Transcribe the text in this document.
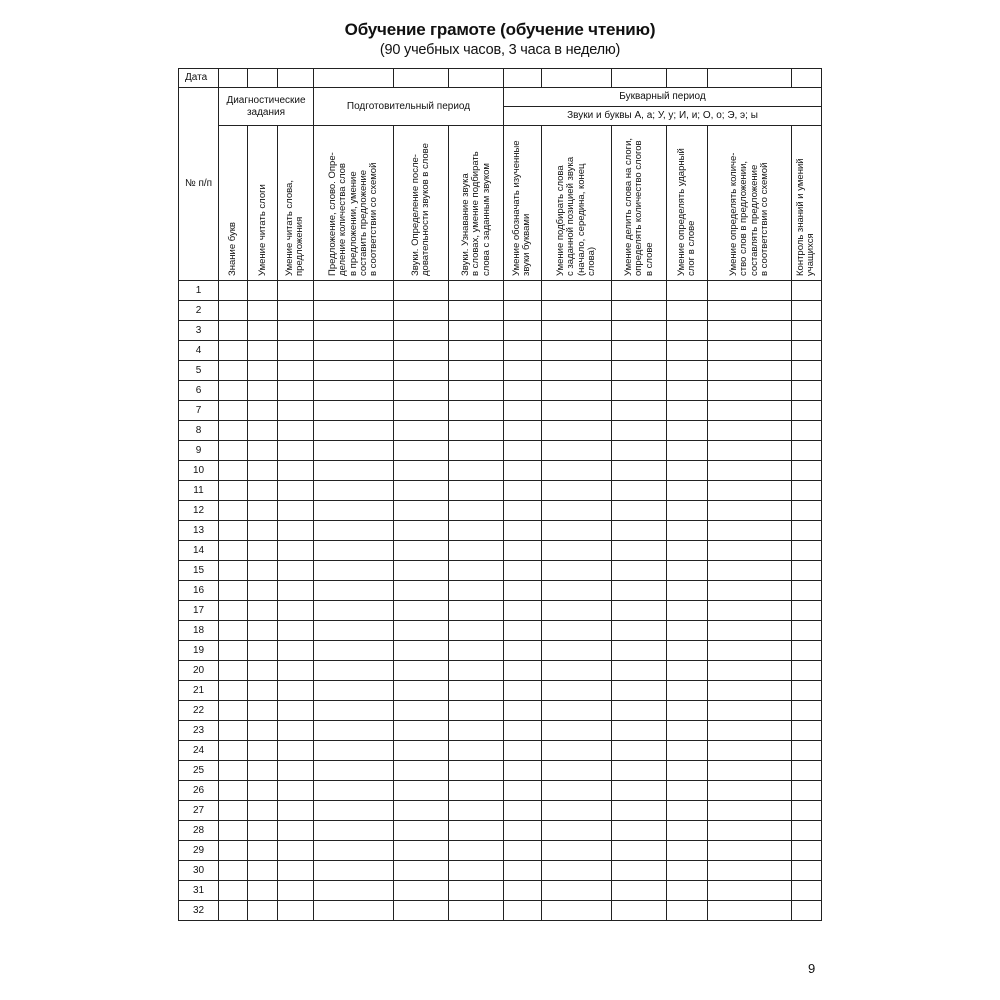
Обучение грамоте (обучение чтению)
(90 учебных часов, 3 часа в неделю)
Дата												
№ п/п	Диагностические задания			Подготовительный период			Букварный период					
							Звуки и буквы А, а; У, у; И, и; О, о; Э, э; ы					

	Знание букв	Умение читать слоги	Умение читать слова, предложения	Предложение, слово. Опре- деление количества слов в предложении, умение составить предложение в соответствии со схемой	Звуки. Определение после- довательности звуков в слове	Звуки. Узнавание звука в словах, умение подбирать слова с заданным звуком	Умение обозначать изученные звуки буквами	Умение подбирать слова с заданной позицией звука (начало, середина, конец слова)	Умение делить слова на слоги, определять количество слогов в слове	Умение определять ударный слог в слове	Умение определять количе- ство слов в предложении, составлять предложение в соответствии со схемой	Контроль знаний и умений учащихся

1												
2												
3												
4												
5												
6												
7												
8												
9												
10												
11												
12												
13												
14												
15												
16												
17												
18												
19												
20												
21												
22												
23												
24												
25												
26												
27												
28												
29												
30												
31												
32												
9
